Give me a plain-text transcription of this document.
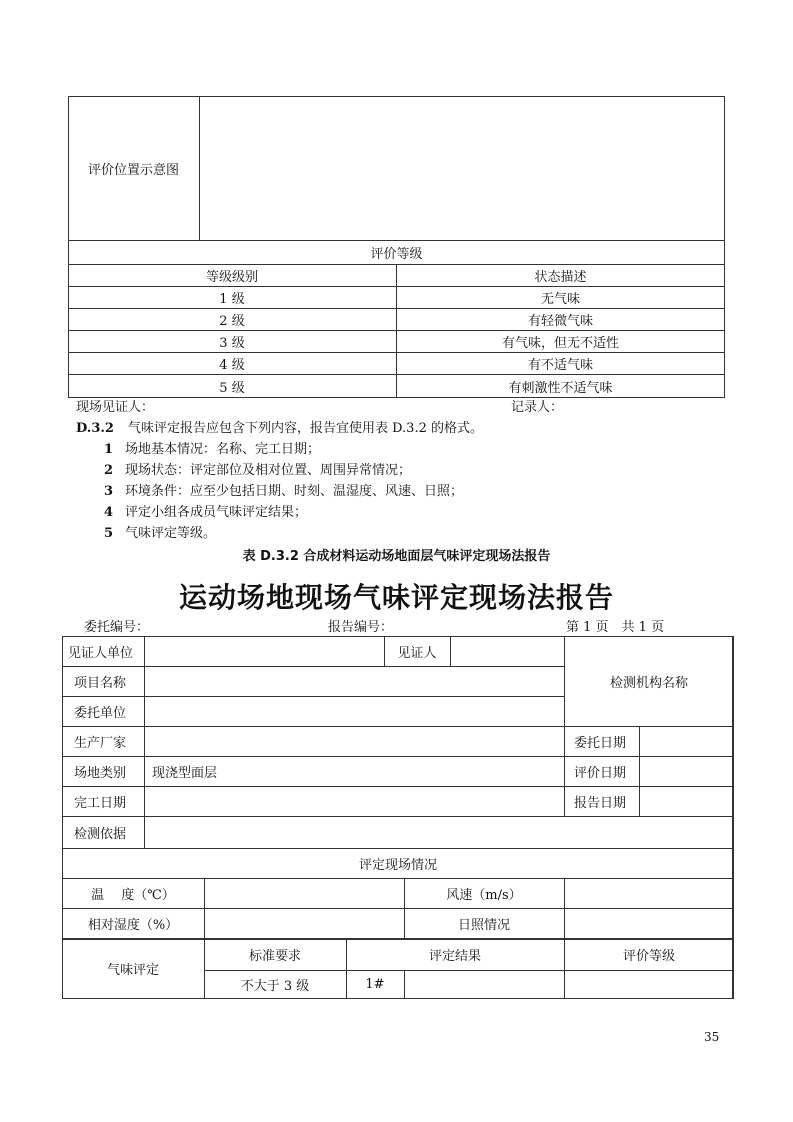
评价位置示意图
评价等级
等级级别	状态描述
1 级	无气味
2 级	有轻微气味
3 级	有气味，但无不适性
4 级	有不适气味
5 级	有刺激性不适气味
现场见证人：	记录人：
D.3.2 气味评定报告应包含下列内容，报告宜使用表 D.3.2 的格式。
1 场地基本情况：名称、完工日期；
2 现场状态：评定部位及相对位置、周围异常情况；
3 环境条件：应至少包括日期、时刻、温湿度、风速、日照；
4 评定小组各成员气味评定结果；
5 气味评定等级。
表 D.3.2 合成材料运动场地面层气味评定现场法报告
运动场地现场气味评定现场法报告
委托编号：	报告编号：	第 1 页　共 1 页
见证人单位	见证人
检测机构名称
项目名称
委托单位
生产厂家	委托日期
场地类别	现浇型面层	评价日期
完工日期	报告日期
检测依据
评定现场情况
温　 度（℃）	风速（m/s）
相对湿度（%）	日照情况
气味评定
标准要求	评定结果	评价等级
不大于 3 级	1#
35
